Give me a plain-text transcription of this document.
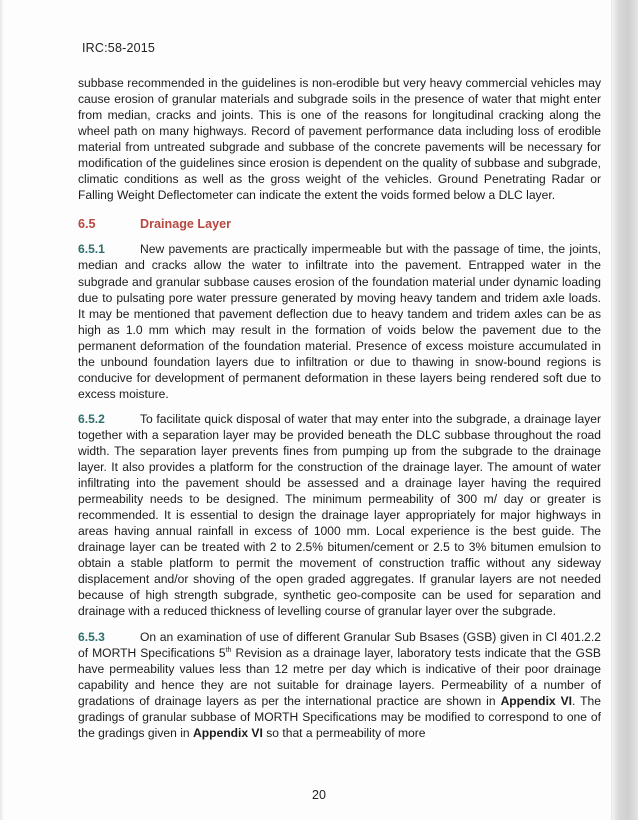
IRC:58-2015

subbase recommended in the guidelines is non-erodible but very heavy commercial vehicles may cause erosion of granular materials and subgrade soils in the presence of water that might enter from median, cracks and joints. This is one of the reasons for longitudinal cracking along the wheel path on many highways. Record of pavement performance data including loss of erodible material from untreated subgrade and subbase of the concrete pavements will be necessary for modification of the guidelines since erosion is dependent on the quality of subbase and subgrade, climatic conditions as well as the gross weight of the vehicles. Ground Penetrating Radar or Falling Weight Deflectometer can indicate the extent the voids formed below a DLC layer.

6.5	Drainage Layer

6.5.1	New pavements are practically impermeable but with the passage of time, the joints, median and cracks allow the water to infiltrate into the pavement. Entrapped water in the subgrade and granular subbase causes erosion of the foundation material under dynamic loading due to pulsating pore water pressure generated by moving heavy tandem and tridem axle loads. It may be mentioned that pavement deflection due to heavy tandem and tridem axles can be as high as 1.0 mm which may result in the formation of voids below the pavement due to the permanent deformation of the foundation material. Presence of excess moisture accumulated in the unbound foundation layers due to infiltration or due to thawing in snow-bound regions is conducive for development of permanent deformation in these layers being rendered soft due to excess moisture.

6.5.2	To facilitate quick disposal of water that may enter into the subgrade, a drainage layer together with a separation layer may be provided beneath the DLC subbase throughout the road width. The separation layer prevents fines from pumping up from the subgrade to the drainage layer. It also provides a platform for the construction of the drainage layer. The amount of water infiltrating into the pavement should be assessed and a drainage layer having the required permeability needs to be designed. The minimum permeability of 300 m/ day or greater is recommended. It is essential to design the drainage layer appropriately for major highways in areas having annual rainfall in excess of 1000 mm. Local experience is the best guide. The drainage layer can be treated with 2 to 2.5% bitumen/cement or 2.5 to 3% bitumen emulsion to obtain a stable platform to permit the movement of construction traffic without any sideway displacement and/or shoving of the open graded aggregates. If granular layers are not needed because of high strength subgrade, synthetic geo-composite can be used for separation and drainage with a reduced thickness of levelling course of granular layer over the subgrade.

6.5.3	On an examination of use of different Granular Sub Bsases (GSB) given in Cl 401.2.2 of MORTH Specifications 5th Revision as a drainage layer, laboratory tests indicate that the GSB have permeability values less than 12 metre per day which is indicative of their poor drainage capability and hence they are not suitable for drainage layers. Permeability of a number of gradations of drainage layers as per the international practice are shown in Appendix VI. The gradings of granular subbase of MORTH Specifications may be modified to correspond to one of the gradings given in Appendix VI so that a permeability of more

20
